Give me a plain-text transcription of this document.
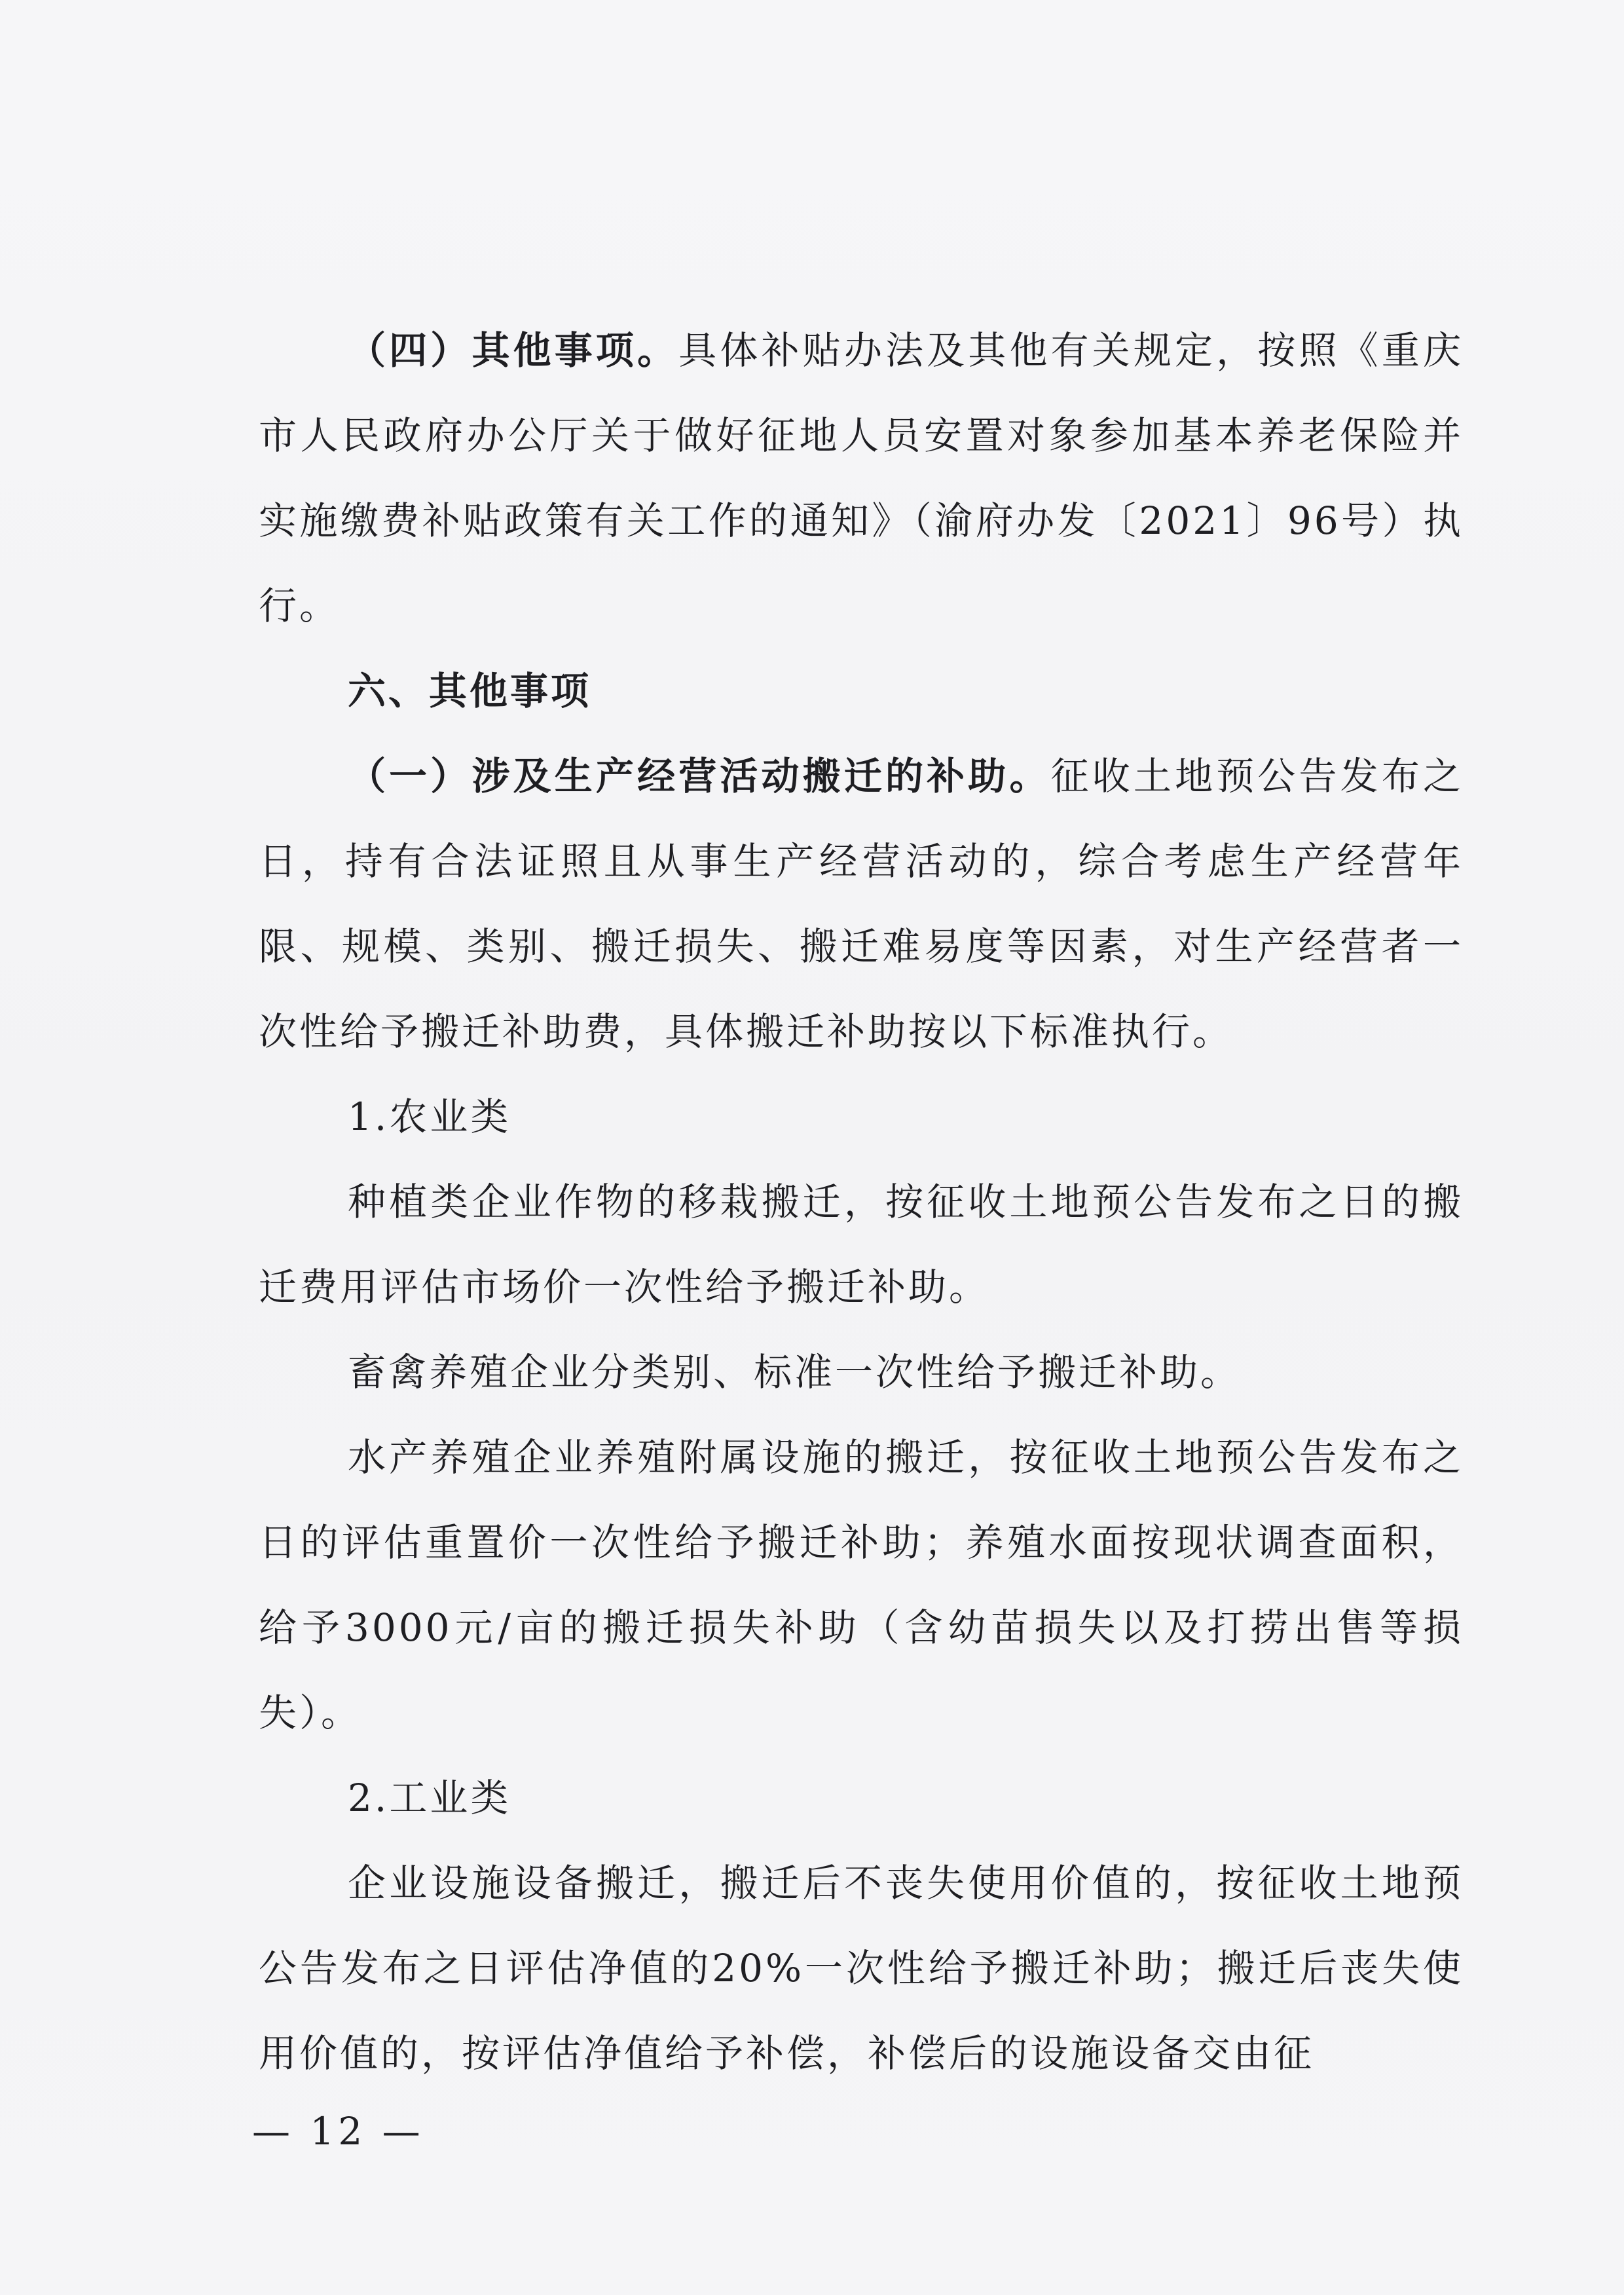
（四）其他事项。具体补贴办法及其他有关规定，按照《重庆市人民政府办公厅关于做好征地人员安置对象参加基本养老保险并实施缴费补贴政策有关工作的通知》（渝府办发〔2021〕96号）执行。

六、其他事项

（一）涉及生产经营活动搬迁的补助。征收土地预公告发布之日，持有合法证照且从事生产经营活动的，综合考虑生产经营年限、规模、类别、搬迁损失、搬迁难易度等因素，对生产经营者一次性给予搬迁补助费，具体搬迁补助按以下标准执行。

1.农业类

种植类企业作物的移栽搬迁，按征收土地预公告发布之日的搬迁费用评估市场价一次性给予搬迁补助。

畜禽养殖企业分类别、标准一次性给予搬迁补助。

水产养殖企业养殖附属设施的搬迁，按征收土地预公告发布之日的评估重置价一次性给予搬迁补助；养殖水面按现状调查面积，给予3000元/亩的搬迁损失补助（含幼苗损失以及打捞出售等损失）。

2.工业类

企业设施设备搬迁，搬迁后不丧失使用价值的，按征收土地预公告发布之日评估净值的20%一次性给予搬迁补助；搬迁后丧失使用价值的，按评估净值给予补偿，补偿后的设施设备交由征

— 12 —
